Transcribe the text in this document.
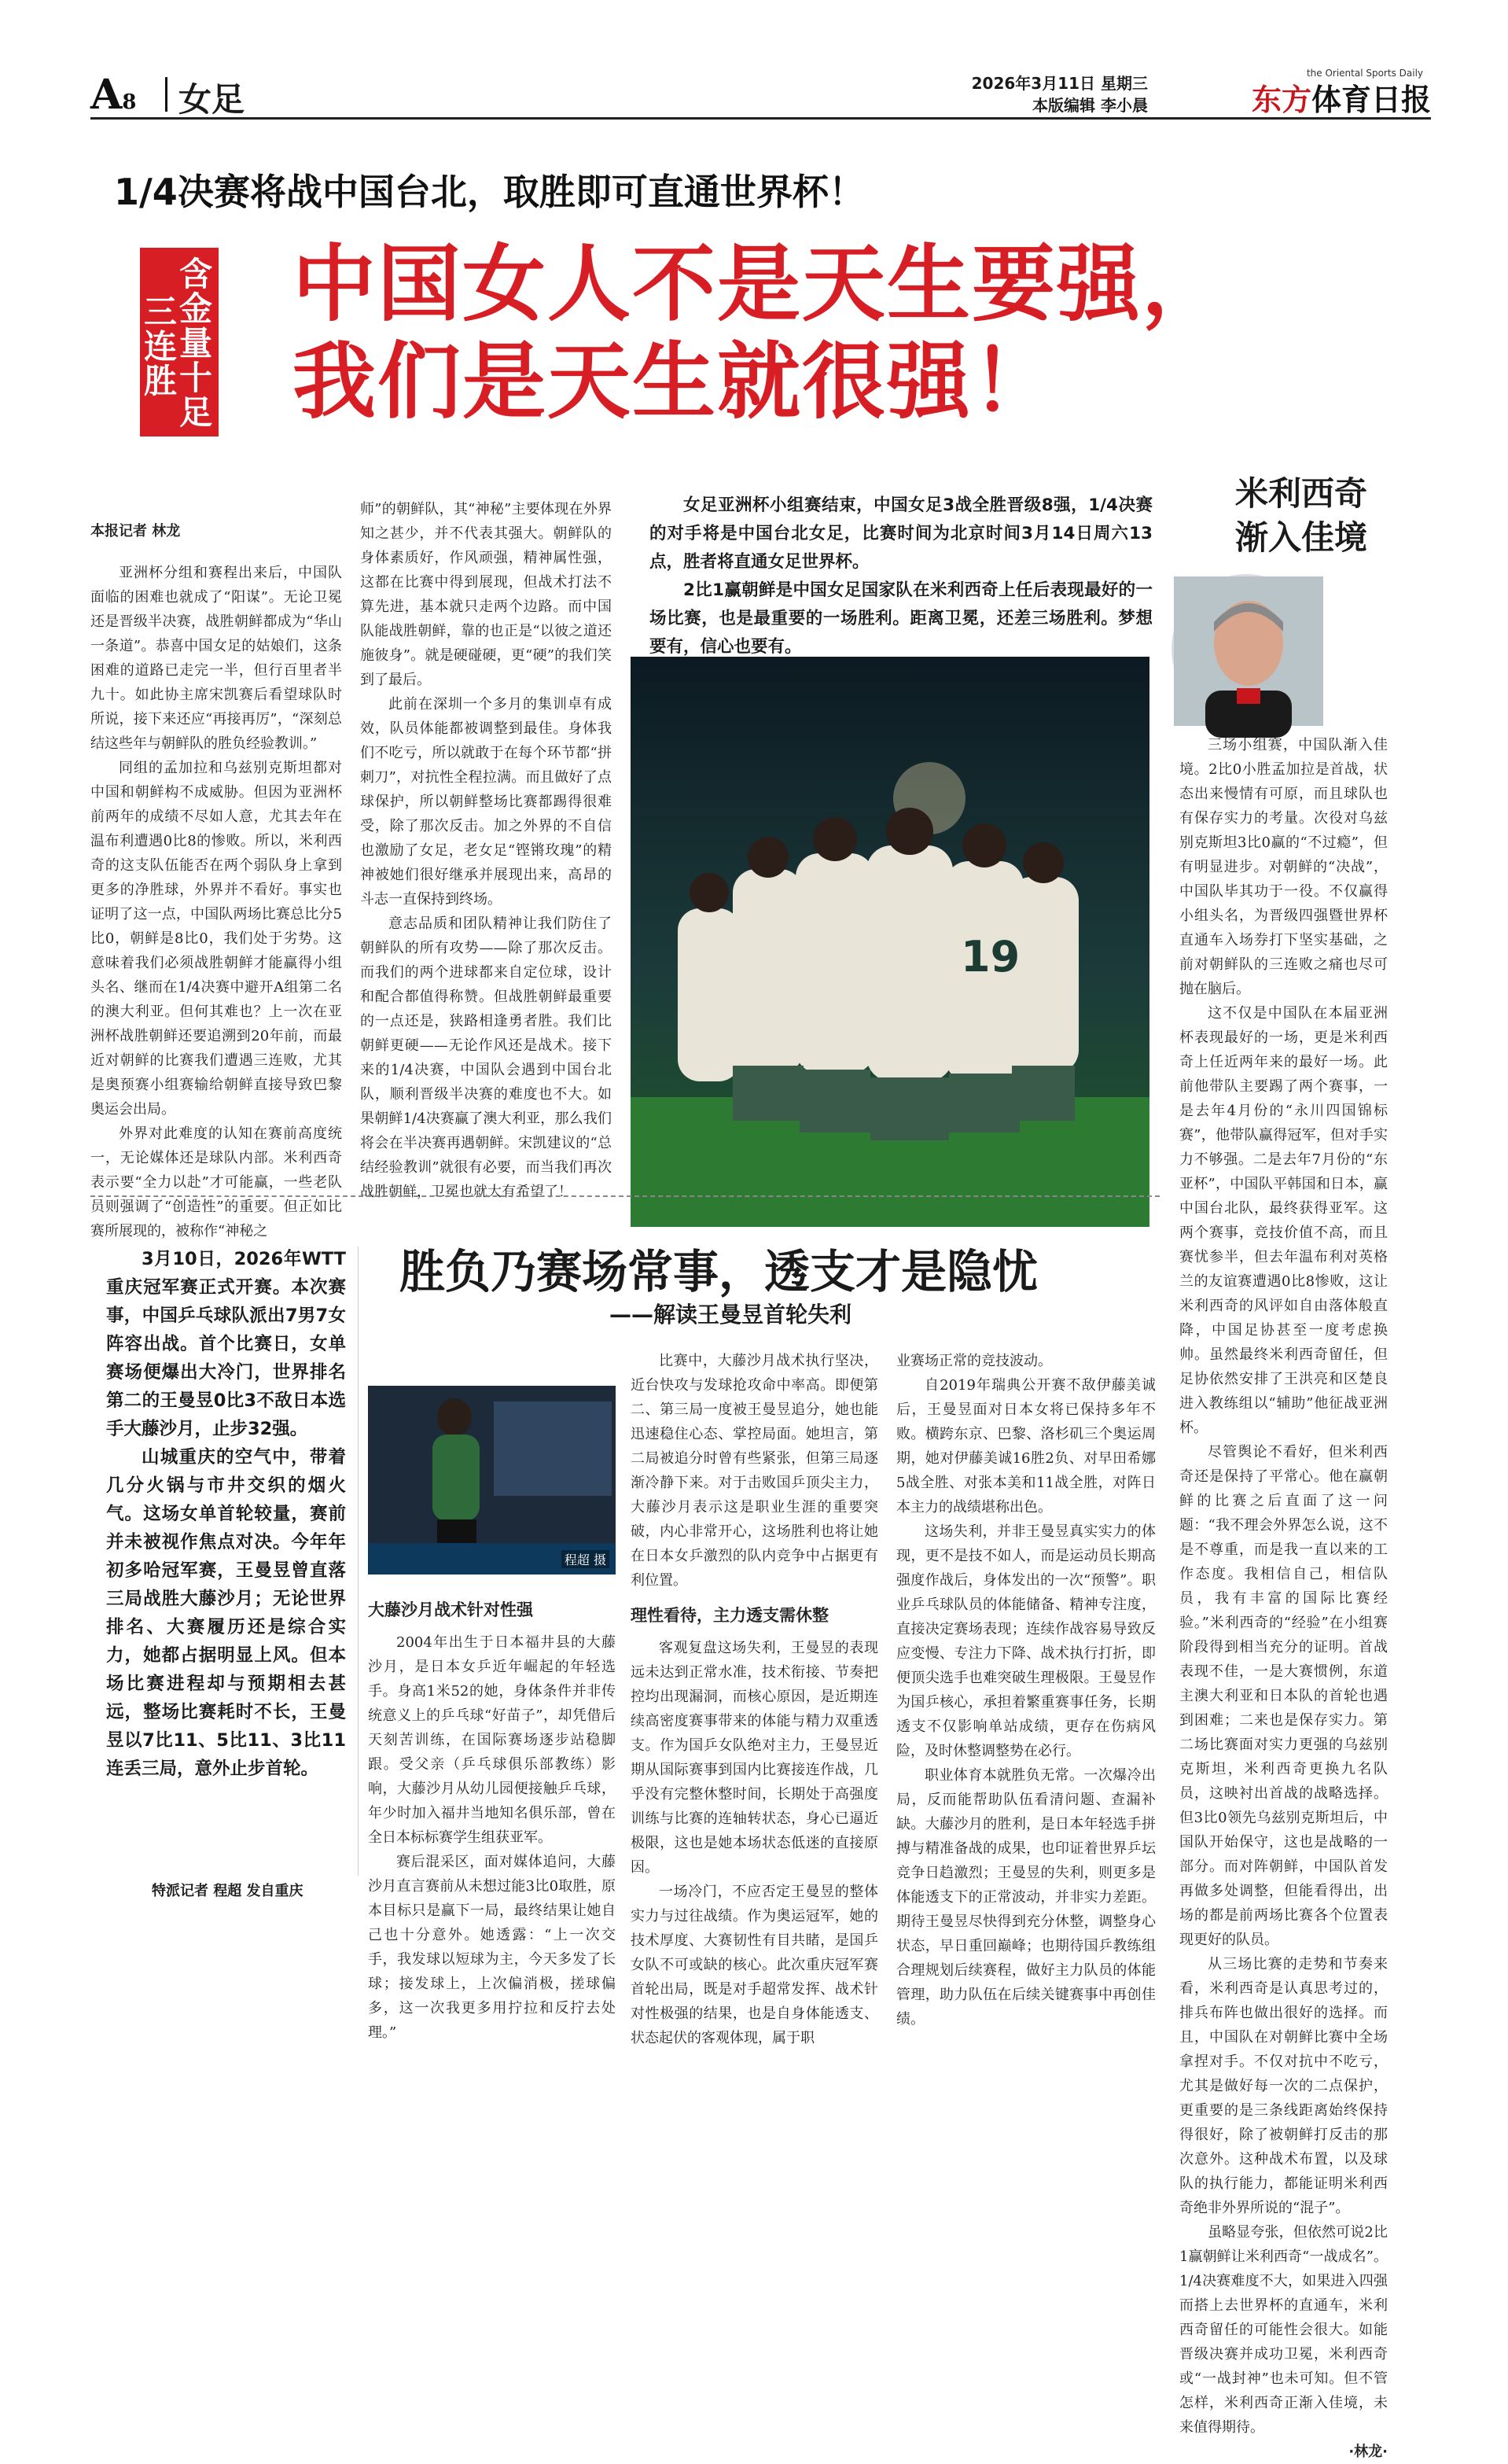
A8 女足	2026年3月11日 星期三
本版编辑 李小晨
the Oriental Sports Daily
东方体育日报
1/4决赛将战中国台北，取胜即可直通世界杯！
含金量十足
三连胜
中国女人不是天生要强，
我们是天生就很强！

本报记者 林龙

亚洲杯分组和赛程出来后，中国队面临的困难也就成了“阳谋”。无论卫冕还是晋级半决赛，战胜朝鲜都成为“华山一条道”。恭喜中国女足的姑娘们，这条困难的道路已走完一半，但行百里者半九十。如此协主席宋凯赛后看望球队时所说，接下来还应“再接再厉”，“深刻总结这些年与朝鲜队的胜负经验教训。”

同组的孟加拉和乌兹别克斯坦都对中国和朝鲜构不成威胁。但因为亚洲杯前两年的成绩不尽如人意，尤其去年在温布利遭遇0比8的惨败。所以，米利西奇的这支队伍能否在两个弱队身上拿到更多的净胜球，外界并不看好。事实也证明了这一点，中国队两场比赛总比分5比0，朝鲜是8比0，我们处于劣势。这意味着我们必须战胜朝鲜才能赢得小组头名、继而在1/4决赛中避开A组第二名的澳大利亚。但何其难也？上一次在亚洲杯战胜朝鲜还要追溯到20年前，而最近对朝鲜的比赛我们遭遇三连败，尤其是奥预赛小组赛输给朝鲜直接导致巴黎奥运会出局。

外界对此难度的认知在赛前高度统一，无论媒体还是球队内部。米利西奇表示要“全力以赴”才可能赢，一些老队员则强调了“创造性”的重要。但正如比赛所展现的，被称作“神秘之

师”的朝鲜队，其“神秘”主要体现在外界知之甚少，并不代表其强大。朝鲜队的身体素质好，作风顽强，精神属性强，这都在比赛中得到展现，但战术打法不算先进，基本就只走两个边路。而中国队能战胜朝鲜，靠的也正是“以彼之道还施彼身”。就是硬碰硬，更“硬”的我们笑到了最后。

此前在深圳一个多月的集训卓有成效，队员体能都被调整到最佳。身体我们不吃亏，所以就敢于在每个环节都“拼刺刀”，对抗性全程拉满。而且做好了点球保护，所以朝鲜整场比赛都踢得很难受，除了那次反击。加之外界的不自信也激励了女足，老女足“铿锵玫瑰”的精神被她们很好继承并展现出来，高昂的斗志一直保持到终场。

意志品质和团队精神让我们防住了朝鲜队的所有攻势——除了那次反击。而我们的两个进球都来自定位球，设计和配合都值得称赞。但战胜朝鲜最重要的一点还是，狭路相逢勇者胜。我们比朝鲜更硬——无论作风还是战术。接下来的1/4决赛，中国队会遇到中国台北队，顺利晋级半决赛的难度也不大。如果朝鲜1/4决赛赢了澳大利亚，那么我们将会在半决赛再遇朝鲜。宋凯建议的“总结经验教训”就很有必要，而当我们再次战胜朝鲜，卫冕也就大有希望了！

女足亚洲杯小组赛结束，中国女足3战全胜晋级8强，1/4决赛的对手将是中国台北女足，比赛时间为北京时间3月14日周六13点，胜者将直通女足世界杯。

2比1赢朝鲜是中国女足国家队在米利西奇上任后表现最好的一场比赛，也是最重要的一场胜利。距离卫冕，还差三场胜利。梦想要有，信心也要有。

19
米利西奇
渐入佳境

三场小组赛，中国队渐入佳境。2比0小胜孟加拉是首战，状态出来慢情有可原，而且球队也有保存实力的考量。次役对乌兹别克斯坦3比0赢的“不过瘾”，但有明显进步。对朝鲜的“决战”，中国队毕其功于一役。不仅赢得小组头名，为晋级四强暨世界杯直通车入场券打下坚实基础，之前对朝鲜队的三连败之痛也尽可抛在脑后。

这不仅是中国队在本届亚洲杯表现最好的一场，更是米利西奇上任近两年来的最好一场。此前他带队主要踢了两个赛事，一是去年4月份的“永川四国锦标赛”，他带队赢得冠军，但对手实力不够强。二是去年7月份的“东亚杯”，中国队平韩国和日本，赢中国台北队，最终获得亚军。这两个赛事，竞技价值不高，而且赛忧参半，但去年温布利对英格兰的友谊赛遭遇0比8惨败，这让米利西奇的风评如自由落体般直降，中国足协甚至一度考虑换帅。虽然最终米利西奇留任，但足协依然安排了王洪亮和区楚良进入教练组以“辅助”他征战亚洲杯。

尽管舆论不看好，但米利西奇还是保持了平常心。他在赢朝鲜的比赛之后直面了这一问题：“我不理会外界怎么说，这不是不尊重，而是我一直以来的工作态度。我相信自己，相信队员，我有丰富的国际比赛经验。”米利西奇的“经验”在小组赛阶段得到相当充分的证明。首战表现不佳，一是大赛惯例，东道主澳大利亚和日本队的首轮也遇到困难；二来也是保存实力。第二场比赛面对实力更强的乌兹别克斯坦，米利西奇更换九名队员，这映衬出首战的战略选择。但3比0领先乌兹别克斯坦后，中国队开始保守，这也是战略的一部分。而对阵朝鲜，中国队首发再做多处调整，但能看得出，出场的都是前两场比赛各个位置表现更好的队员。

从三场比赛的走势和节奏来看，米利西奇是认真思考过的，排兵布阵也做出很好的选择。而且，中国队在对朝鲜比赛中全场拿捏对手。不仅对抗中不吃亏，尤其是做好每一次的二点保护，更重要的是三条线距离始终保持得很好，除了被朝鲜打反击的那次意外。这种战术布置，以及球队的执行能力，都能证明米利西奇绝非外界所说的“混子”。

虽略显夸张，但依然可说2比1赢朝鲜让米利西奇“一战成名”。1/4决赛难度不大，如果进入四强而搭上去世界杯的直通车，米利西奇留任的可能性会很大。如能晋级决赛并成功卫冕，米利西奇或“一战封神”也未可知。但不管怎样，米利西奇正渐入佳境，未来值得期待。

·林龙·

胜负乃赛场常事，透支才是隐忧
——解读王曼昱首轮失利

3月10日，2026年WTT重庆冠军赛正式开赛。本次赛事，中国乒乓球队派出7男7女阵容出战。首个比赛日，女单赛场便爆出大冷门，世界排名第二的王曼昱0比3不敌日本选手大藤沙月，止步32强。

山城重庆的空气中，带着几分火锅与市井交织的烟火气。这场女单首轮较量，赛前并未被视作焦点对决。今年年初多哈冠军赛，王曼昱曾直落三局战胜大藤沙月；无论世界排名、大赛履历还是综合实力，她都占据明显上风。但本场比赛进程却与预期相去甚远，整场比赛耗时不长，王曼昱以7比11、5比11、3比11连丢三局，意外止步首轮。

特派记者 程超 发自重庆
程超 摄

大藤沙月战术针对性强

2004年出生于日本福井县的大藤沙月，是日本女乒近年崛起的年轻选手。身高1米52的她，身体条件并非传统意义上的乒乓球“好苗子”，却凭借后天刻苦训练，在国际赛场逐步站稳脚跟。受父亲（乒乓球俱乐部教练）影响，大藤沙月从幼儿园便接触乒乓球，年少时加入福井当地知名俱乐部，曾在全日本标标赛学生组获亚军。

赛后混采区，面对媒体追问，大藤沙月直言赛前从未想过能3比0取胜，原本目标只是赢下一局，最终结果让她自己也十分意外。她透露：“上一次交手，我发球以短球为主，今天多发了长球；接发球上，上次偏消极，搓球偏多，这一次我更多用拧拉和反拧去处理。”

比赛中，大藤沙月战术执行坚决，近台快攻与发球抢攻命中率高。即便第二、第三局一度被王曼昱追分，她也能迅速稳住心态、掌控局面。她坦言，第二局被追分时曾有些紧张，但第三局逐渐冷静下来。对于击败国乒顶尖主力，大藤沙月表示这是职业生涯的重要突破，内心非常开心，这场胜利也将让她在日本女乒激烈的队内竞争中占据更有利位置。

理性看待，主力透支需休整

客观复盘这场失利，王曼昱的表现远未达到正常水准，技术衔接、节奏把控均出现漏洞，而核心原因，是近期连续高密度赛事带来的体能与精力双重透支。作为国乒女队绝对主力，王曼昱近期从国际赛事到国内比赛接连作战，几乎没有完整休整时间，长期处于高强度训练与比赛的连轴转状态，身心已逼近极限，这也是她本场状态低迷的直接原因。

一场冷门，不应否定王曼昱的整体实力与过往战绩。作为奥运冠军，她的技术厚度、大赛韧性有目共睹，是国乒女队不可或缺的核心。此次重庆冠军赛首轮出局，既是对手超常发挥、战术针对性极强的结果，也是自身体能透支、状态起伏的客观体现，属于职

业赛场正常的竞技波动。

自2019年瑞典公开赛不敌伊藤美诚后，王曼昱面对日本女将已保持多年不败。横跨东京、巴黎、洛杉矶三个奥运周期，她对伊藤美诚16胜2负、对早田希娜5战全胜、对张本美和11战全胜，对阵日本主力的战绩堪称出色。

这场失利，并非王曼昱真实实力的体现，更不是技不如人，而是运动员长期高强度作战后，身体发出的一次“预警”。职业乒乓球队员的体能储备、精神专注度，直接决定赛场表现；连续作战容易导致反应变慢、专注力下降、战术执行打折，即便顶尖选手也难突破生理极限。王曼昱作为国乒核心，承担着繁重赛事任务，长期透支不仅影响单站成绩，更存在伤病风险，及时休整调整势在必行。

职业体育本就胜负无常。一次爆冷出局，反而能帮助队伍看清问题、查漏补缺。大藤沙月的胜利，是日本年轻选手拼搏与精准备战的成果，也印证着世界乒坛竞争日趋激烈；王曼昱的失利，则更多是体能透支下的正常波动，并非实力差距。期待王曼昱尽快得到充分休整，调整身心状态，早日重回巅峰；也期待国乒教练组合理规划后续赛程，做好主力队员的体能管理，助力队伍在后续关键赛事中再创佳绩。
